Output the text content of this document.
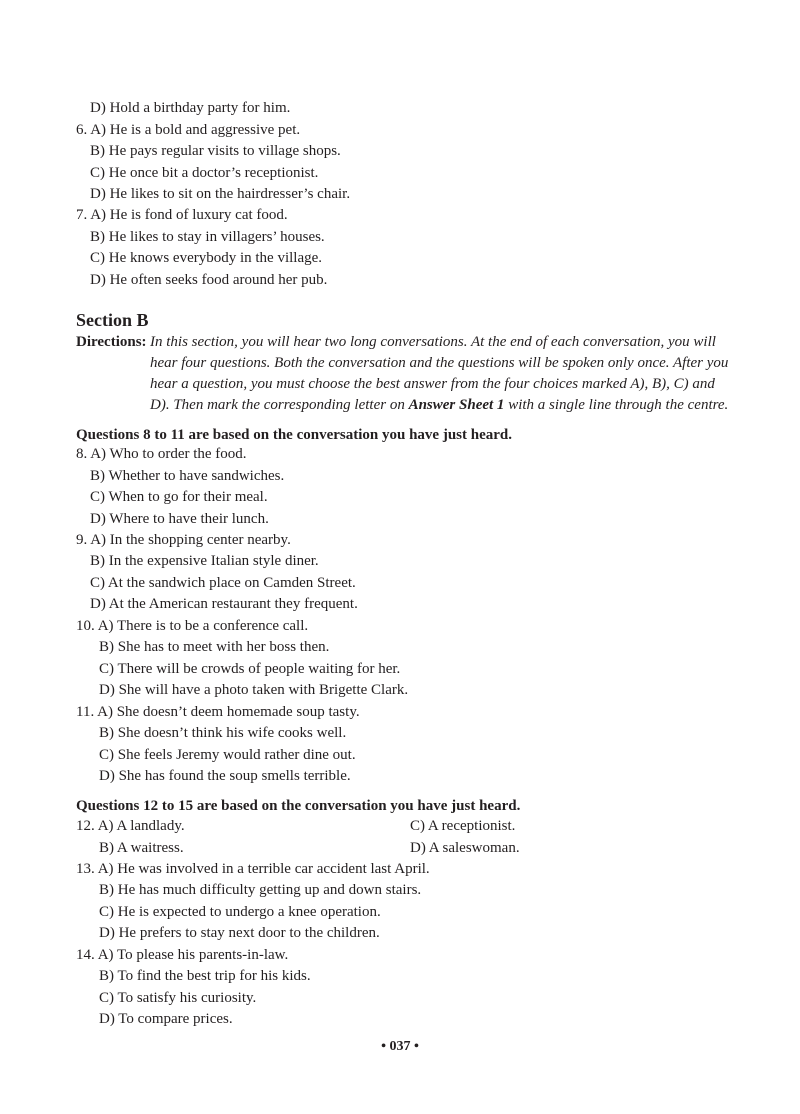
D) Hold a birthday party for him.
6. A) He is a bold and aggressive pet.
B) He pays regular visits to village shops.
C) He once bit a doctor’s receptionist.
D) He likes to sit on the hairdresser’s chair.
7. A) He is fond of luxury cat food.
B) He likes to stay in villagers’ houses.
C) He knows everybody in the village.
D) He often seeks food around her pub.
Section B
Directions: In this section, you will hear two long conversations. At the end of each conversation, you will
hear four questions. Both the conversation and the questions will be spoken only once. After you
hear a question, you must choose the best answer from the four choices marked A), B), C) and
D). Then mark the corresponding letter on Answer Sheet 1 with a single line through the centre.
Questions 8 to 11 are based on the conversation you have just heard.
8. A) Who to order the food.
B) Whether to have sandwiches.
C) When to go for their meal.
D) Where to have their lunch.
9. A) In the shopping center nearby.
B) In the expensive Italian style diner.
C) At the sandwich place on Camden Street.
D) At the American restaurant they frequent.
10. A) There is to be a conference call.
B) She has to meet with her boss then.
C) There will be crowds of people waiting for her.
D) She will have a photo taken with Brigette Clark.
11. A) She doesn’t deem homemade soup tasty.
B) She doesn’t think his wife cooks well.
C) She feels Jeremy would rather dine out.
D) She has found the soup smells terrible.
Questions 12 to 15 are based on the conversation you have just heard.
12. A) A landlady.	C) A receptionist.
B) A waitress.	D) A saleswoman.
13. A) He was involved in a terrible car accident last April.
B) He has much difficulty getting up and down stairs.
C) He is expected to undergo a knee operation.
D) He prefers to stay next door to the children.
14. A) To please his parents-in-law.
B) To find the best trip for his kids.
C) To satisfy his curiosity.
D) To compare prices.
• 037 •
